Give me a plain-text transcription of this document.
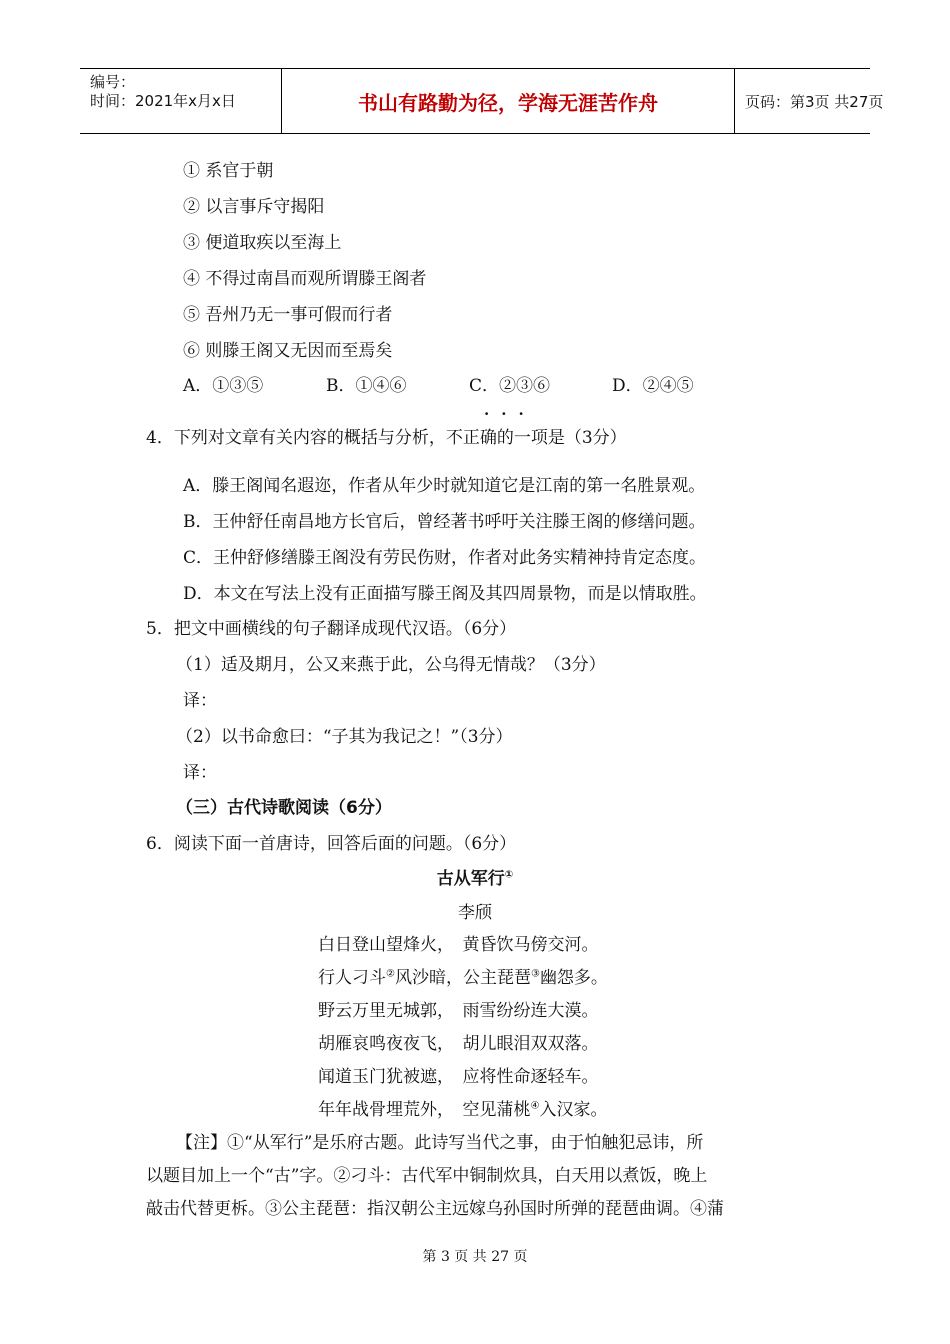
编号：
时间：2021年x月x日	书山有路勤为径，学海无涯苦作舟	页码：第3页 共27页
① 系官于朝
② 以言事斥守揭阳
③ 便道取疾以至海上
④ 不得过南昌而观所谓滕王阁者
⑤ 吾州乃无一事可假而行者
⑥ 则滕王阁又无因而至焉矣
A．①③⑤	B．①④⑥	C．②③⑥	D．②④⑤
···
4．下列对文章有关内容的概括与分析，不正确的一项是（3分）
A．滕王阁闻名遐迩，作者从年少时就知道它是江南的第一名胜景观。
B．王仲舒任南昌地方长官后，曾经著书呼吁关注滕王阁的修缮问题。
C．王仲舒修缮滕王阁没有劳民伤财，作者对此务实精神持肯定态度。
D．本文在写法上没有正面描写滕王阁及其四周景物，而是以情取胜。
5．把文中画横线的句子翻译成现代汉语。（6分）
（1）适及期月，公又来燕于此，公乌得无情哉？（3分）
译：
（2）以书命愈曰：“子其为我记之！”（3分）
译：
（三）古代诗歌阅读（6分）
6．阅读下面一首唐诗，回答后面的问题。（6分）
古从军行①
李颀
白日登山望烽火，　黄昏饮马傍交河。
行人刁斗②风沙暗，公主琵琶③幽怨多。
野云万里无城郭，　雨雪纷纷连大漠。
胡雁哀鸣夜夜飞，　胡儿眼泪双双落。
闻道玉门犹被遮，　应将性命逐轻车。
年年战骨埋荒外，　空见蒲桃④入汉家。
【注】①“从军行”是乐府古题。此诗写当代之事，由于怕触犯忌讳，所
以题目加上一个“古”字。②刁斗：古代军中铜制炊具，白天用以煮饭，晚上
敲击代替更柝。③公主琵琶：指汉朝公主远嫁乌孙国时所弹的琵琶曲调。④蒲
第 3 页 共 27 页
